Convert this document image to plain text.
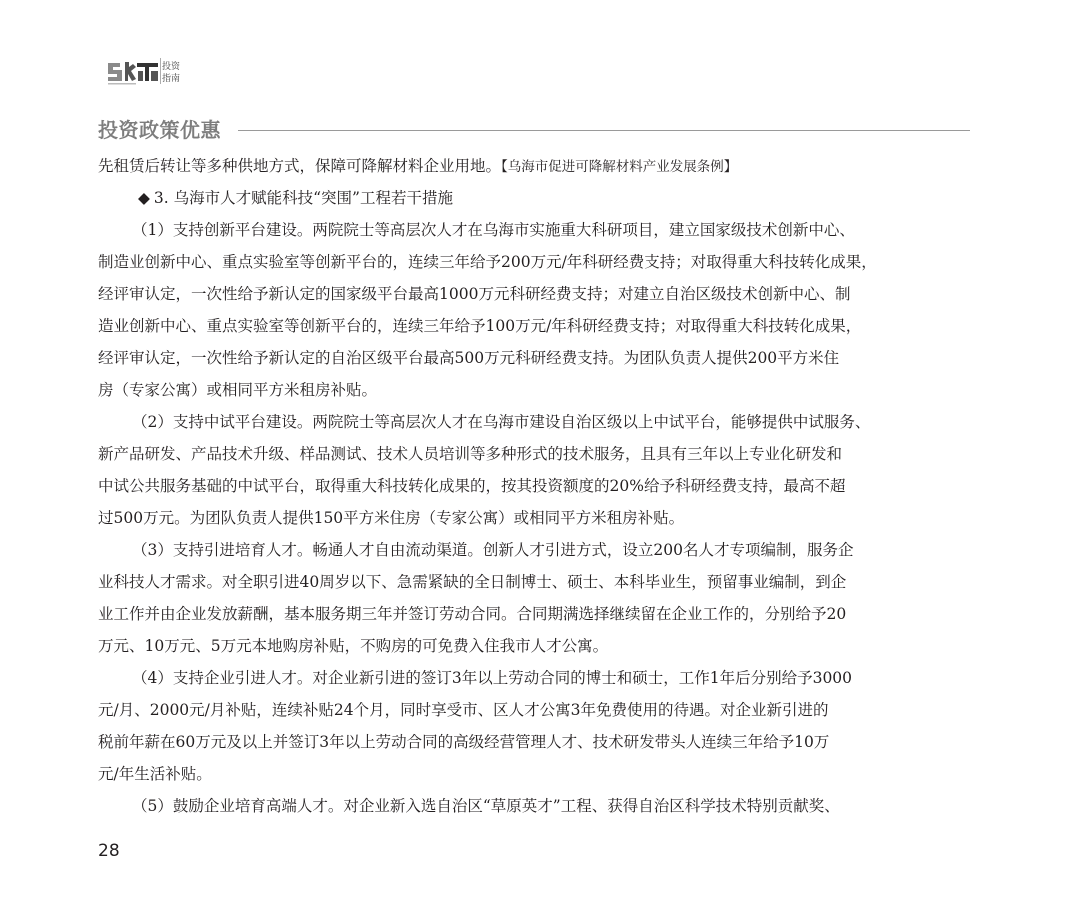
投资
指南
投资政策优惠
先租赁后转让等多种供地方式，保障可降解材料企业用地。【乌海市促进可降解材料产业发展条例】
◆ 3. 乌海市人才赋能科技“突围”工程若干措施
（1）支持创新平台建设。两院院士等高层次人才在乌海市实施重大科研项目，建立国家级技术创新中心、
制造业创新中心、重点实验室等创新平台的，连续三年给予200万元/年科研经费支持；对取得重大科技转化成果，
经评审认定，一次性给予新认定的国家级平台最高1000万元科研经费支持；对建立自治区级技术创新中心、制
造业创新中心、重点实验室等创新平台的，连续三年给予100万元/年科研经费支持；对取得重大科技转化成果，
经评审认定，一次性给予新认定的自治区级平台最高500万元科研经费支持。为团队负责人提供200平方米住
房（专家公寓）或相同平方米租房补贴。
（2）支持中试平台建设。两院院士等高层次人才在乌海市建设自治区级以上中试平台，能够提供中试服务、
新产品研发、产品技术升级、样品测试、技术人员培训等多种形式的技术服务，且具有三年以上专业化研发和
中试公共服务基础的中试平台，取得重大科技转化成果的，按其投资额度的20%给予科研经费支持，最高不超
过500万元。为团队负责人提供150平方米住房（专家公寓）或相同平方米租房补贴。
（3）支持引进培育人才。畅通人才自由流动渠道。创新人才引进方式，设立200名人才专项编制，服务企
业科技人才需求。对全职引进40周岁以下、急需紧缺的全日制博士、硕士、本科毕业生，预留事业编制，到企
业工作并由企业发放薪酬，基本服务期三年并签订劳动合同。合同期满选择继续留在企业工作的，分别给予20
万元、10万元、5万元本地购房补贴，不购房的可免费入住我市人才公寓。
（4）支持企业引进人才。对企业新引进的签订3年以上劳动合同的博士和硕士，工作1年后分别给予3000
元/月、2000元/月补贴，连续补贴24个月，同时享受市、区人才公寓3年免费使用的待遇。对企业新引进的
税前年薪在60万元及以上并签订3年以上劳动合同的高级经营管理人才、技术研发带头人连续三年给予10万
元/年生活补贴。
（5）鼓励企业培育高端人才。对企业新入选自治区“草原英才”工程、获得自治区科学技术特别贡献奖、
28
